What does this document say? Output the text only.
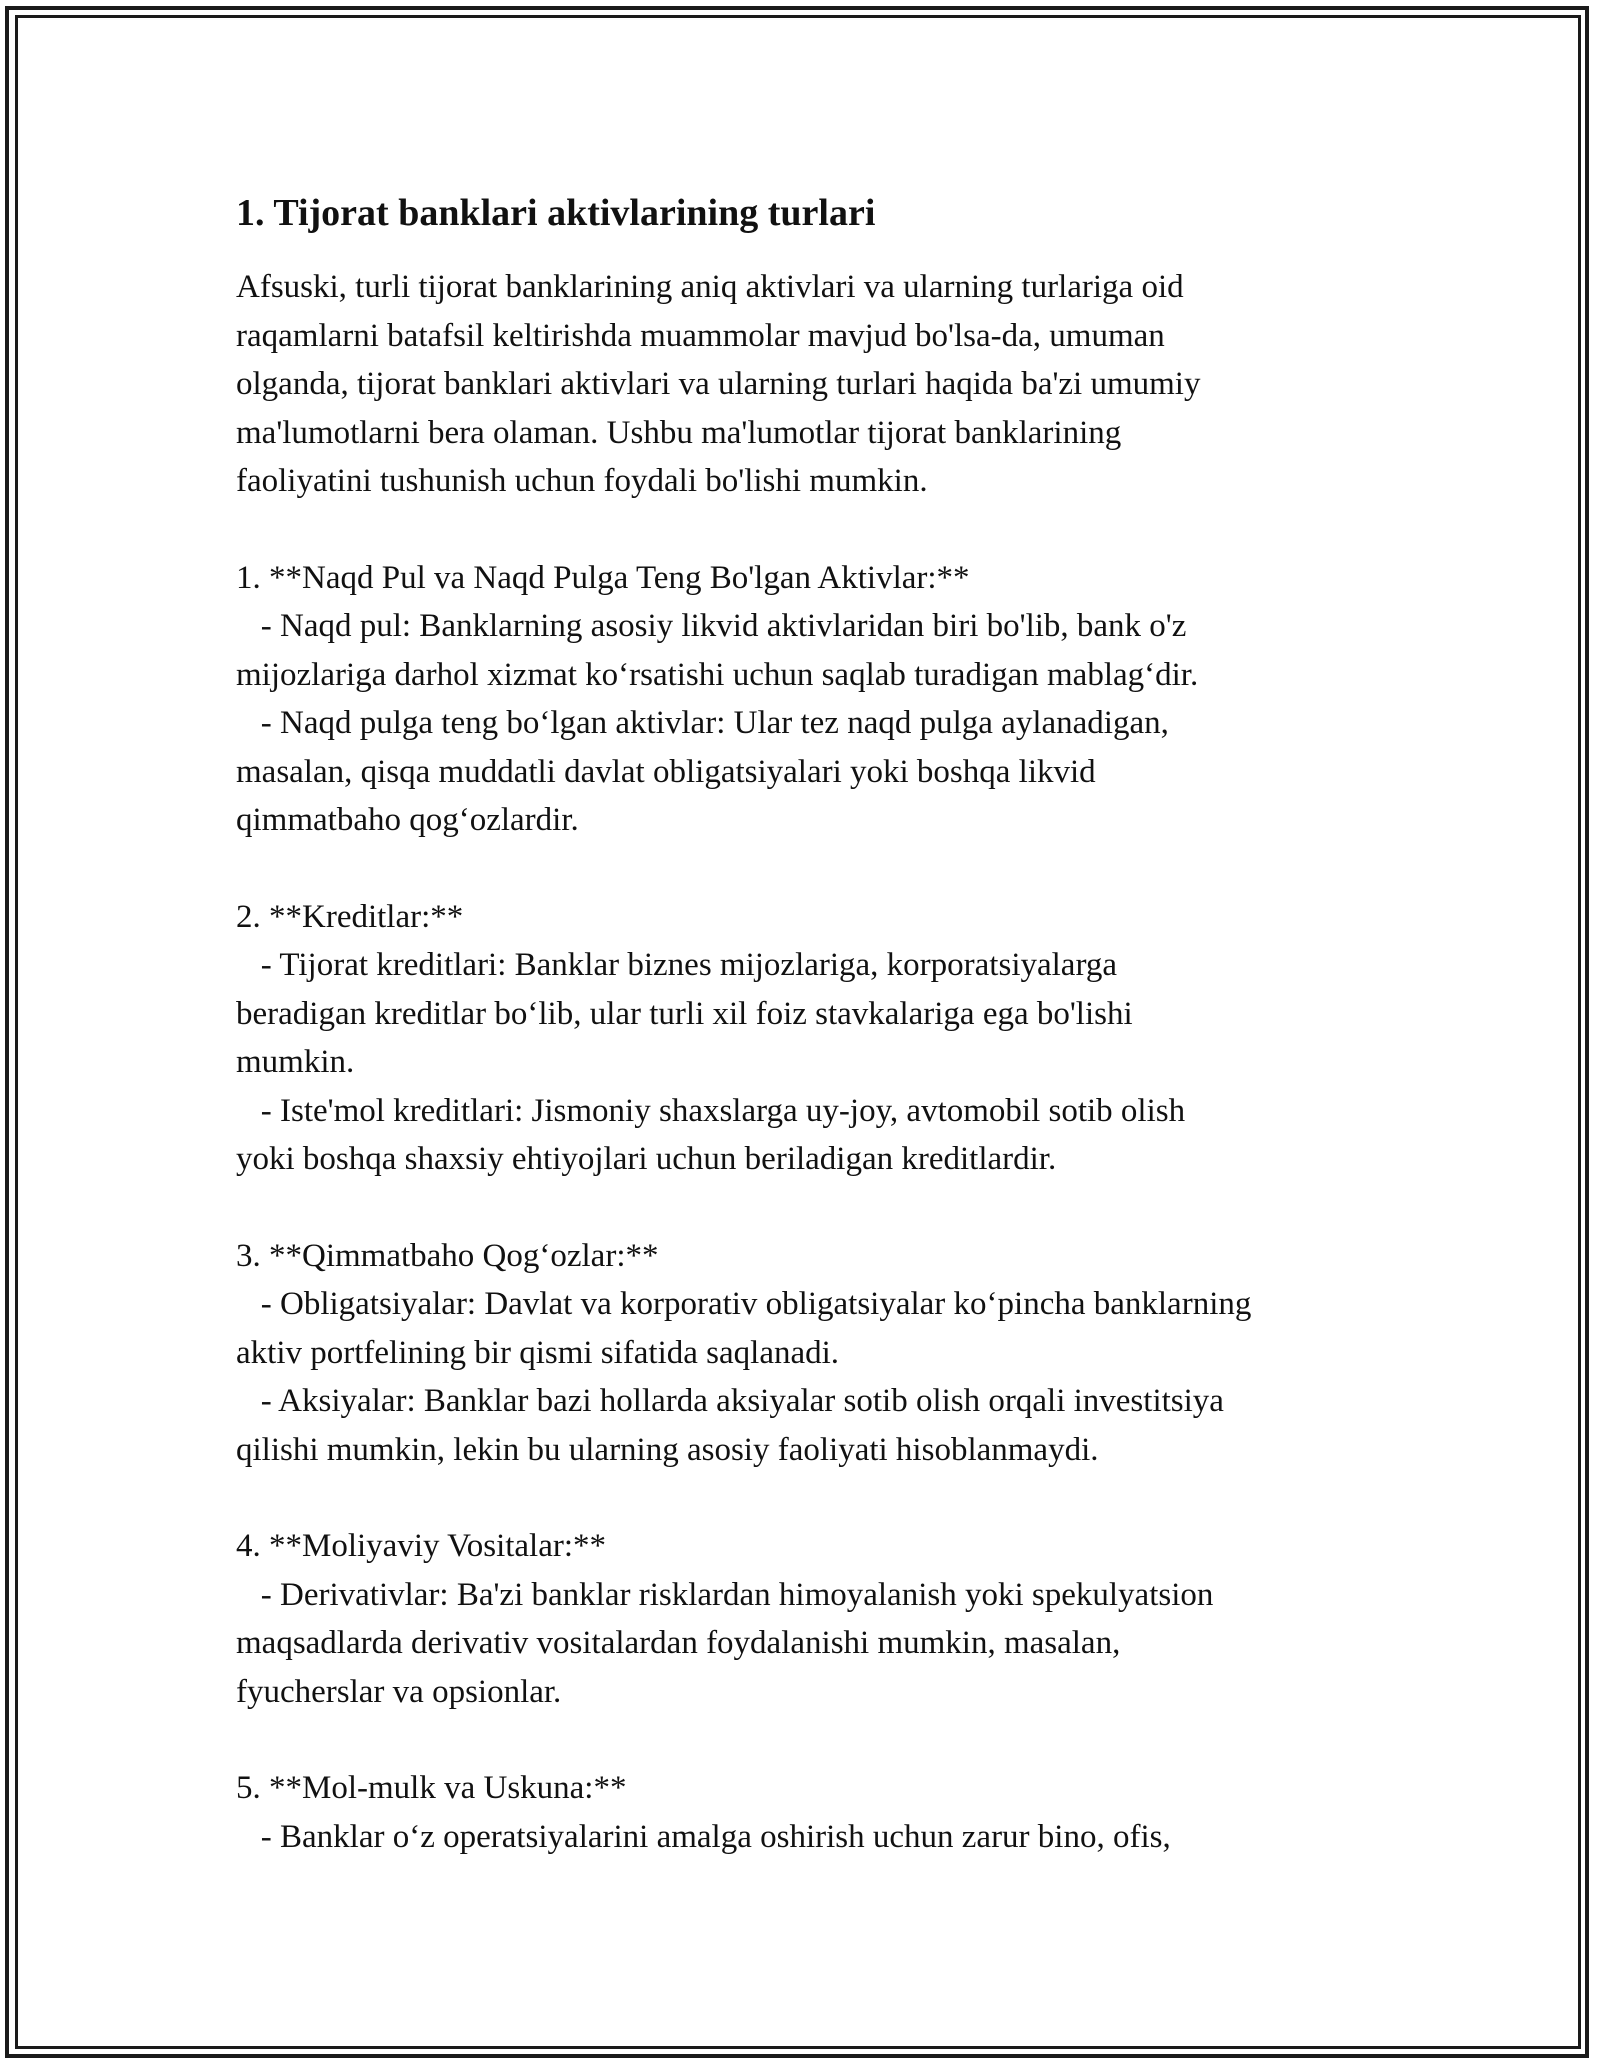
1. Tijorat banklari aktivlarining turlari

Afsuski, turli tijorat banklarining aniq aktivlari va ularning turlariga oid
raqamlarni batafsil keltirishda muammolar mavjud bo'lsa-da, umuman
olganda, tijorat banklari aktivlari va ularning turlari haqida ba'zi umumiy
ma'lumotlarni bera olaman. Ushbu ma'lumotlar tijorat banklarining
faoliyatini tushunish uchun foydali bo'lishi mumkin.

1. **Naqd Pul va Naqd Pulga Teng Bo'lgan Aktivlar:**

- Naqd pul: Banklarning asosiy likvid aktivlaridan biri bo'lib, bank o'z
mijozlariga darhol xizmat ko‘rsatishi uchun saqlab turadigan mablag‘dir.

- Naqd pulga teng bo‘lgan aktivlar: Ular tez naqd pulga aylanadigan,
masalan, qisqa muddatli davlat obligatsiyalari yoki boshqa likvid
qimmatbaho qog‘ozlardir.

2. **Kreditlar:**

- Tijorat kreditlari: Banklar biznes mijozlariga, korporatsiyalarga
beradigan kreditlar bo‘lib, ular turli xil foiz stavkalariga ega bo'lishi
mumkin.

- Iste'mol kreditlari: Jismoniy shaxslarga uy-joy, avtomobil sotib olish
yoki boshqa shaxsiy ehtiyojlari uchun beriladigan kreditlardir.

3. **Qimmatbaho Qog‘ozlar:**

- Obligatsiyalar: Davlat va korporativ obligatsiyalar ko‘pincha banklarning
aktiv portfelining bir qismi sifatida saqlanadi.

- Aksiyalar: Banklar bazi hollarda aksiyalar sotib olish orqali investitsiya
qilishi mumkin, lekin bu ularning asosiy faoliyati hisoblanmaydi.

4. **Moliyaviy Vositalar:**

- Derivativlar: Ba'zi banklar risklardan himoyalanish yoki spekulyatsion
maqsadlarda derivativ vositalardan foydalanishi mumkin, masalan,
fyucherslar va opsionlar.

5. **Mol-mulk va Uskuna:**

- Banklar o‘z operatsiyalarini amalga oshirish uchun zarur bino, ofis,
